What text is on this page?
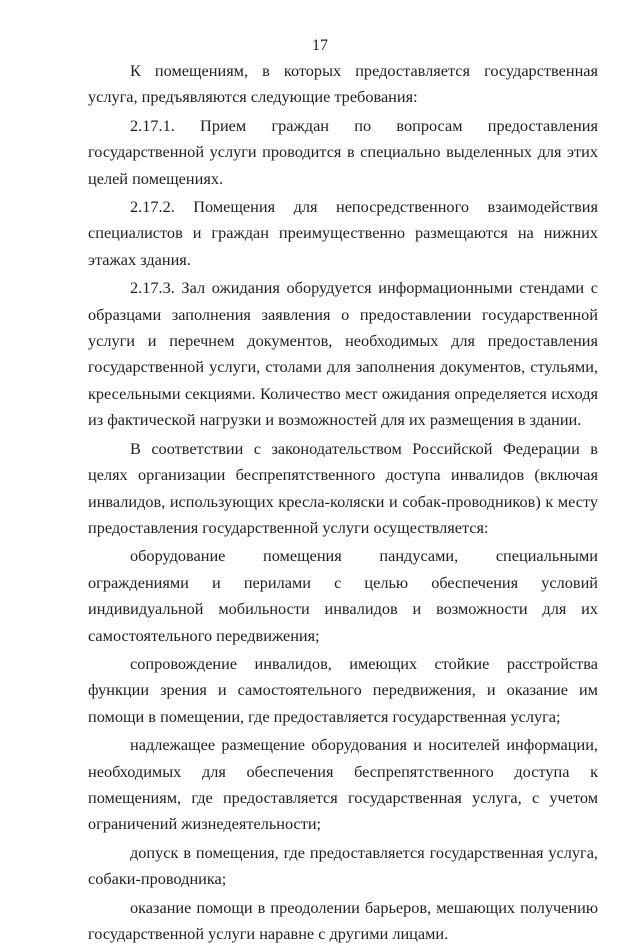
17

К помещениям, в которых предоставляется государственная услуга, предъявляются следующие требования:

2.17.1. Прием граждан по вопросам предоставления государственной услуги проводится в специально выделенных для этих целей помещениях.

2.17.2. Помещения для непосредственного взаимодействия специалистов и граждан преимущественно размещаются на нижних этажах здания.

2.17.3. Зал ожидания оборудуется информационными стендами с образцами заполнения заявления о предоставлении государственной услуги и перечнем документов, необходимых для предоставления государственной услуги, столами для заполнения документов, стульями, кресельными секциями. Количество мест ожидания определяется исходя из фактической нагрузки и возможностей для их размещения в здании.

В соответствии с законодательством Российской Федерации в целях организации беспрепятственного доступа инвалидов (включая инвалидов, использующих кресла-коляски и собак-проводников) к месту предоставления государственной услуги осуществляется:

оборудование помещения пандусами, специальными ограждениями и перилами с целью обеспечения условий индивидуальной мобильности инвалидов и возможности для их самостоятельного передвижения;

сопровождение инвалидов, имеющих стойкие расстройства функции зрения и самостоятельного передвижения, и оказание им помощи в помещении, где предоставляется государственная услуга;

надлежащее размещение оборудования и носителей информации, необходимых для обеспечения беспрепятственного доступа к помещениям, где предоставляется государственная услуга, с учетом ограничений жизнедеятельности;

допуск в помещения, где предоставляется государственная услуга, собаки-проводника;

оказание помощи в преодолении барьеров, мешающих получению государственной услуги наравне с другими лицами.
